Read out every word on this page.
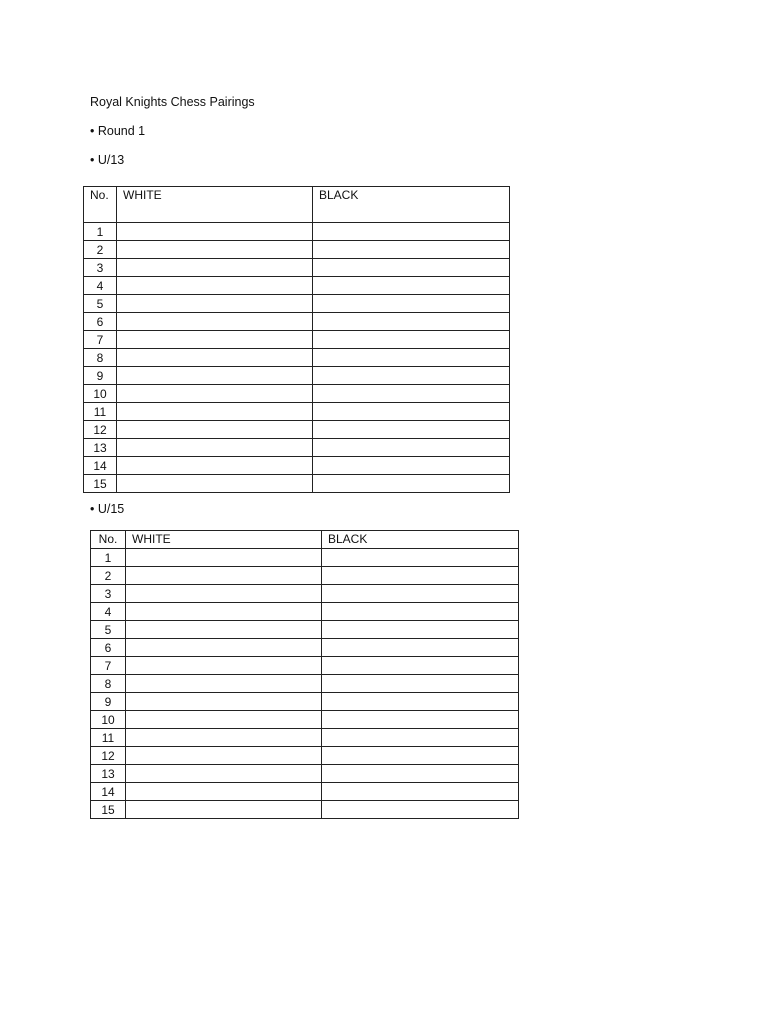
Royal Knights Chess Pairings
• Round 1
• U/13
No.	WHITE	BLACK
1		
2		
3		
4		
5		
6		
7		
8		
9		
10		
11		
12		
13		
14		
15		
• U/15
No.	WHITE	BLACK
1		
2		
3		
4		
5		
6		
7		
8		
9		
10		
11		
12		
13		
14		
15		
